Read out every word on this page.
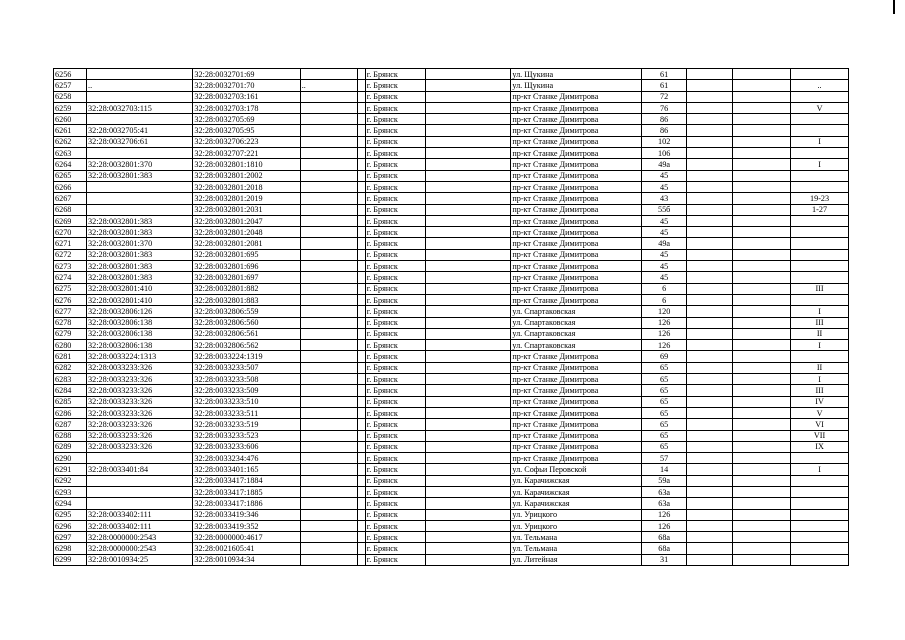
6256		32:28:0032701:69			г. Брянск		ул. Щукина	61			
6257	..	32:28:0032701:70	..		г. Брянск		ул. Щукина	61			..
6258		32:28:0032703:161			г. Брянск		пр-кт Станке Димитрова	72			
6259	32:28:0032703:115	32:28:0032703:178			г. Брянск		пр-кт Станке Димитрова	76			V
6260		32:28:0032705:69			г. Брянск		пр-кт Станке Димитрова	86			
6261	32:28:0032705:41	32:28:0032705:95			г. Брянск		пр-кт Станке Димитрова	86			
6262	32:28:0032706:61	32:28:0032706:223			г. Брянск		пр-кт Станке Димитрова	102			I
6263		32:28:0032707:221			г. Брянск		пр-кт Станке Димитрова	106			
6264	32:28:0032801:370	32:28:0032801:1810			г. Брянск		пр-кт Станке Димитрова	49а			I
6265	32:28:0032801:383	32:28:0032801:2002			г. Брянск		пр-кт Станке Димитрова	45			
6266		32:28:0032801:2018			г. Брянск		пр-кт Станке Димитрова	45			
6267		32:28:0032801:2019			г. Брянск		пр-кт Станке Димитрова	43			19-23
6268		32:28:0032801:2031			г. Брянск		пр-кт Станке Димитрова	55б			1-27
6269	32:28:0032801:383	32:28:0032801:2047			г. Брянск		пр-кт Станке Димитрова	45			
6270	32:28:0032801:383	32:28:0032801:2048			г. Брянск		пр-кт Станке Димитрова	45			
6271	32:28:0032801:370	32:28:0032801:2081			г. Брянск		пр-кт Станке Димитрова	49а			
6272	32:28:0032801:383	32:28:0032801:695			г. Брянск		пр-кт Станке Димитрова	45			
6273	32:28:0032801:383	32:28:0032801:696			г. Брянск		пр-кт Станке Димитрова	45			
6274	32:28:0032801:383	32:28:0032801:697			г. Брянск		пр-кт Станке Димитрова	45			
6275	32:28:0032801:410	32:28:0032801:882			г. Брянск		пр-кт Станке Димитрова	6			III
6276	32:28:0032801:410	32:28:0032801:883			г. Брянск		пр-кт Станке Димитрова	6			
6277	32:28:0032806:126	32:28:0032806:559			г. Брянск		ул. Спартаковская	120			I
6278	32:28:0032806:138	32:28:0032806:560			г. Брянск		ул. Спартаковская	126			III
6279	32:28:0032806:138	32:28:0032806:561			г. Брянск		ул. Спартаковская	126			II
6280	32:28:0032806:138	32:28:0032806:562			г. Брянск		ул. Спартаковская	126			I
6281	32:28:0033224:1313	32:28:0033224:1319			г. Брянск		пр-кт Станке Димитрова	69			
6282	32:28:0033233:326	32:28:0033233:507			г. Брянск		пр-кт Станке Димитрова	65			II
6283	32:28:0033233:326	32:28:0033233:508			г. Брянск		пр-кт Станке Димитрова	65			I
6284	32:28:0033233:326	32:28:0033233:509			г. Брянск		пр-кт Станке Димитрова	65			III
6285	32:28:0033233:326	32:28:0033233:510			г. Брянск		пр-кт Станке Димитрова	65			IV
6286	32:28:0033233:326	32:28:0033233:511			г. Брянск		пр-кт Станке Димитрова	65			V
6287	32:28:0033233:326	32:28:0033233:519			г. Брянск		пр-кт Станке Димитрова	65			VI
6288	32:28:0033233:326	32:28:0033233:523			г. Брянск		пр-кт Станке Димитрова	65			VII
6289	32:28:0033233:326	32:28:0033233:606			г. Брянск		пр-кт Станке Димитрова	65			IX
6290		32:28:0033234:476			г. Брянск		пр-кт Станке Димитрова	57			
6291	32:28:0033401:84	32:28:0033401:165			г. Брянск		ул. Софьи Перовской	14			I
6292		32:28:0033417:1884			г. Брянск		ул. Карачижская	59а			
6293		32:28:0033417:1885			г. Брянск		ул. Карачижская	63а			
6294		32:28:0033417:1886			г. Брянск		ул. Карачижская	63а			
6295	32:28:0033402:111	32:28:0033419:346			г. Брянск		ул. Урицкого	126			
6296	32:28:0033402:111	32:28:0033419:352			г. Брянск		ул. Урицкого	126			
6297	32:28:0000000:2543	32:28:0000000:4617			г. Брянск		ул. Тельмана	68а			
6298	32:28:0000000:2543	32:28:0021605:41			г. Брянск		ул. Тельмана	68а			
6299	32:28:0010934:25	32:28:0010934:34			г. Брянск		ул. Литейная	31			
